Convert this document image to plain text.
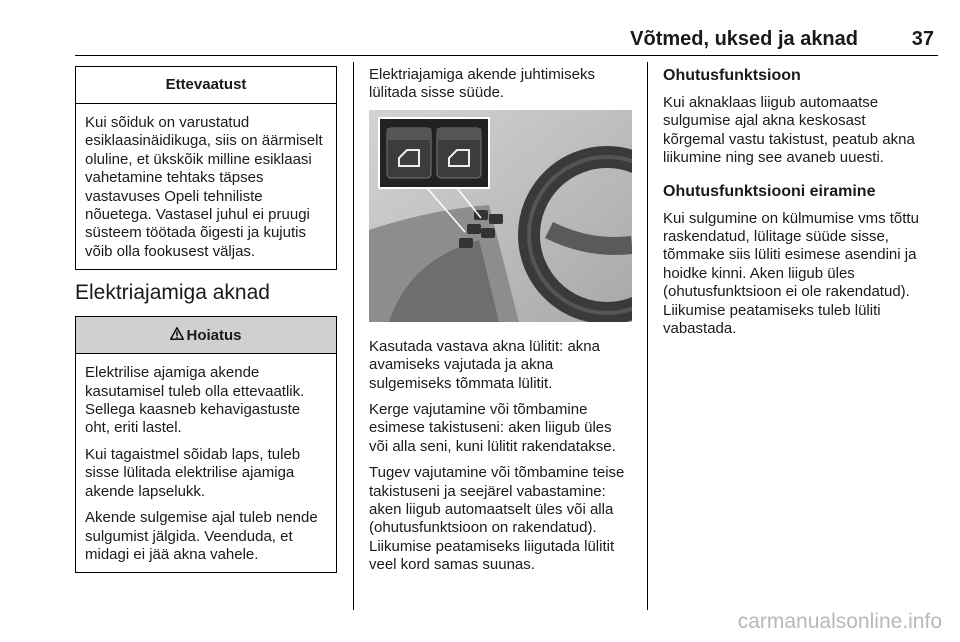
Võtmed, uksed ja aknad	37
Ettevaatust

Kui sõiduk on varustatud esiklaasinäidikuga, siis on äärmiselt oluline, et ükskõik milline esiklaasi vahetamine tehtaks täpses vastavuses Opeli tehniliste nõuetega. Vastasel juhul ei pruugi süsteem töötada õigesti ja kujutis võib olla fookusest väljas.

Elektriajamiga aknad
Hoiatus

Elektrilise ajamiga akende kasutamisel tuleb olla ettevaatlik. Sellega kaasneb kehavigastuste oht, eriti lastel.

Kui tagaistmel sõidab laps, tuleb sisse lülitada elektrilise ajamiga akende lapselukk.

Akende sulgemise ajal tuleb nende sulgumist jälgida. Veenduda, et midagi ei jää akna vahele.

Elektriajamiga akende juhtimiseks lülitada sisse süüde.

Kasutada vastava akna lülitit: akna avamiseks vajutada ja akna sulgemiseks tõmmata lülitit.

Kerge vajutamine või tõmbamine esimese takistuseni: aken liigub üles või alla seni, kuni lülitit rakendatakse.

Tugev vajutamine või tõmbamine teise takistuseni ja seejärel vabastamine: aken liigub automaatselt üles või alla (ohutusfunktsioon on rakendatud). Liikumise peatamiseks liigutada lülitit veel kord samas suunas.

Ohutusfunktsioon

Kui aknaklaas liigub automaatse sulgumise ajal akna keskosast kõrgemal vastu takistust, peatub akna liikumine ning see avaneb uuesti.

Ohutusfunktsiooni eiramine

Kui sulgumine on külmumise vms tõttu raskendatud, lülitage süüde sisse, tõmmake siis lüliti esimese asendini ja hoidke kinni. Aken liigub üles (ohutusfunktsioon ei ole rakendatud). Liikumise peatamiseks tuleb lüliti vabastada.

carmanualsonline.info
